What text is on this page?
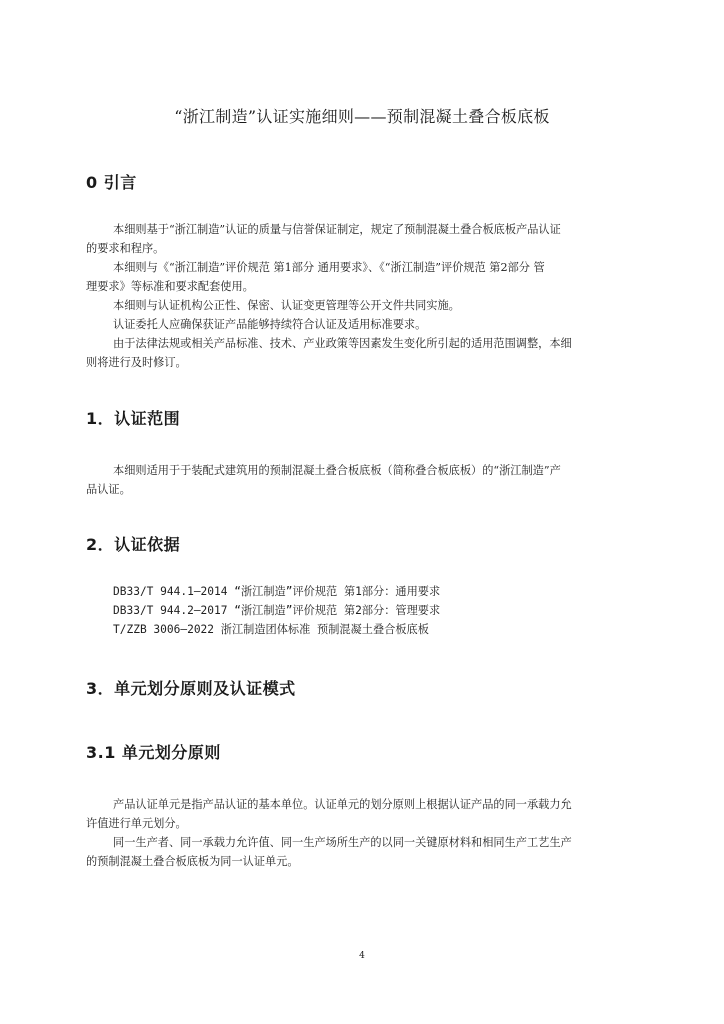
“浙江制造”认证实施细则——预制混凝土叠合板底板
0 引言
本细则基于“浙江制造”认证的质量与信誉保证制定，规定了预制混凝土叠合板底板产品认证
的要求和程序。
本细则与《“浙江制造”评价规范 第1部分 通用要求》、《“浙江制造”评价规范 第2部分 管
理要求》等标准和要求配套使用。
本细则与认证机构公正性、保密、认证变更管理等公开文件共同实施。
认证委托人应确保获证产品能够持续符合认证及适用标准要求。
由于法律法规或相关产品标准、技术、产业政策等因素发生变化所引起的适用范围调整，本细
则将进行及时修订。
1．认证范围
本细则适用于于装配式建筑用的预制混凝土叠合板底板（简称叠合板底板）的“浙江制造”产
品认证。
2．认证依据
DB33/T 944.1—2014 “浙江制造”评价规范 第1部分：通用要求
DB33/T 944.2—2017 “浙江制造”评价规范 第2部分：管理要求
T/ZZB 3006—2022 浙江制造团体标准 预制混凝土叠合板底板
3．单元划分原则及认证模式
3.1 单元划分原则
产品认证单元是指产品认证的基本单位。认证单元的划分原则上根据认证产品的同一承载力允
许值进行单元划分。
同一生产者、同一承载力允许值、同一生产场所生产的以同一关键原材料和相同生产工艺生产
的预制混凝土叠合板底板为同一认证单元。
4
